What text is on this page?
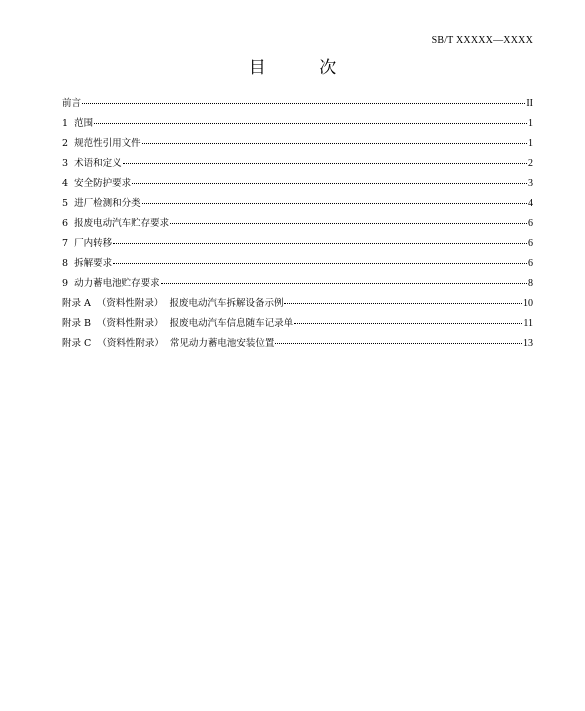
SB/T XXXXX—XXXX
目 次
前言	II
1  范围	1
2  规范性引用文件	1
3  术语和定义	2
4  安全防护要求	3
5  进厂检测和分类	4
6  报废电动汽车贮存要求	6
7  厂内转移	6
8  拆解要求	6
9  动力蓄电池贮存要求	8
附录 A  （资料性附录）  报废电动汽车拆解设备示例	10
附录 B  （资料性附录）  报废电动汽车信息随车记录单	11
附录 C  （资料性附录）  常见动力蓄电池安装位置	13
